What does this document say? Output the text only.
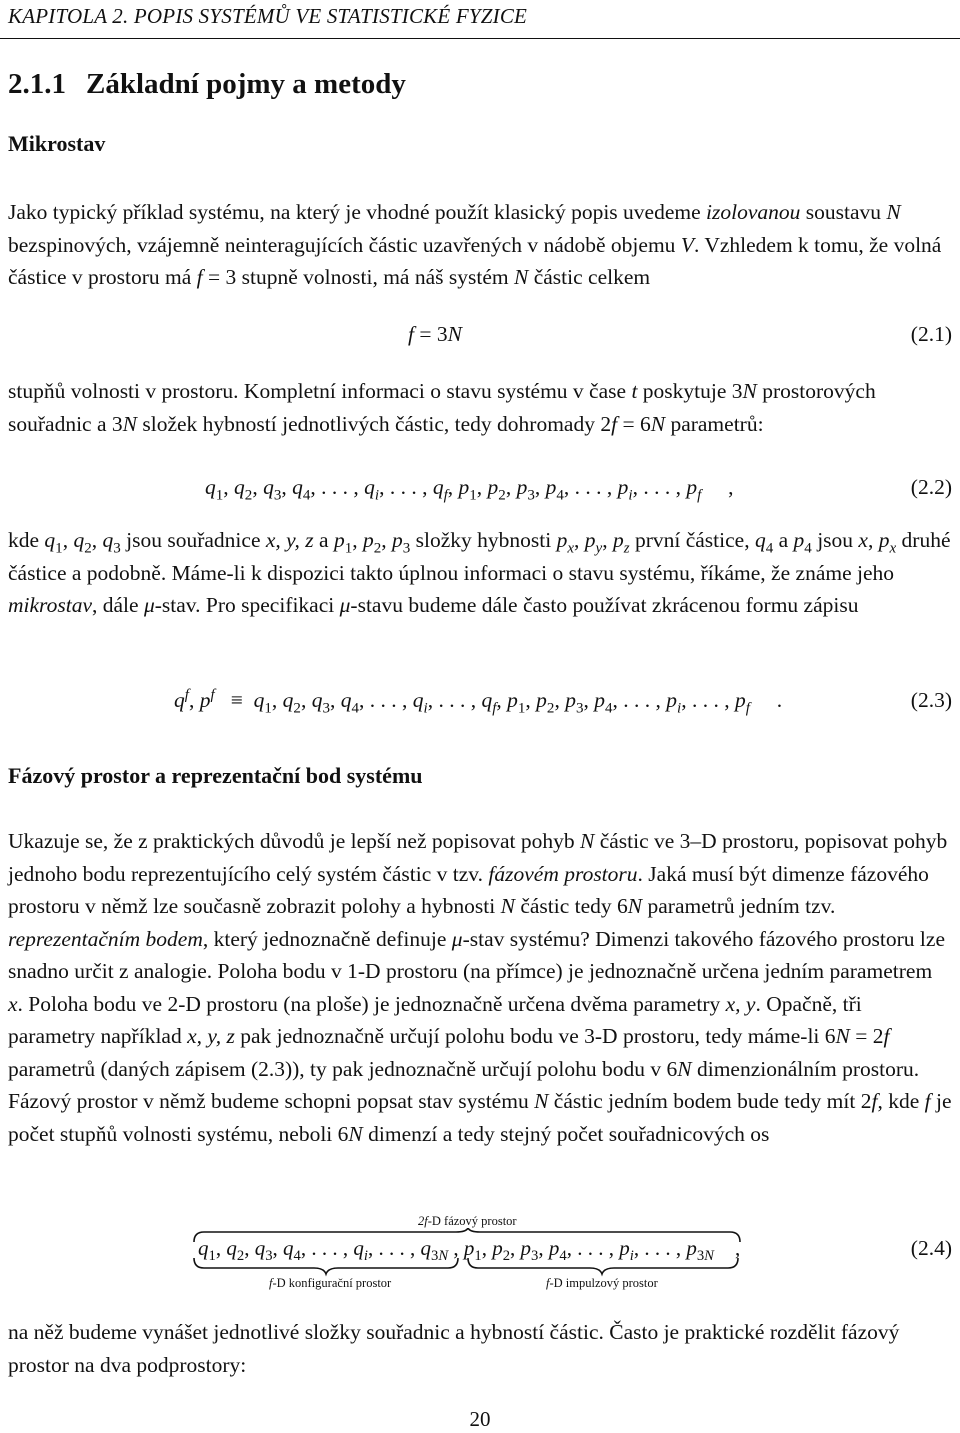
KAPITOLA 2. POPIS SYSTÉMŮ VE STATISTICKÉ FYZICE
2.1.1 Základní pojmy a metody
Mikrostav

Jako typický příklad systému, na který je vhodné použít klasický popis uvedeme izolovanou soustavu N bezspinových, vzájemně neinteragujících částic uzavřených v nádobě objemu V. Vzhledem k tomu, že volná částice v prostoru má f = 3 stupně volnosti, má náš systém N částic celkem

f = 3N	(2.1)

stupňů volnosti v prostoru. Kompletní informaci o stavu systému v čase t poskytuje 3N prostorových souřadnic a 3N složek hybností jednotlivých částic, tedy dohromady 2f = 6N parametrů:

$q_1$, $q_2$, $q_3$, $q_4$, . . . , $q_i$, . . . , $q_f$, $p_1$, $p_2$, $p_3$, $p_4$, . . . , $p_i$, . . . , $p_f$     ,	(2.2)

kde $q_1$, $q_2$, $q_3$ jsou souřadnice x, y, z a $p_1$, $p_2$, $p_3$ složky hybnosti $p_x$, $p_y$, $p_z$ první částice, $q_4$ a $p_4$ jsou x, $p_x$ druhé částice a podobně. Máme-li k dispozici takto úplnou informaci o stavu systému, říkáme, že známe jeho mikrostav, dále μ-stav. Pro specifikaci μ-stavu budeme dále často používat zkrácenou formu zápisu

$q^f$, $p^f \equiv q_1$, $q_2$, $q_3$, $q_4$, . . . , $q_i$, . . . , $q_f$, $p_1$, $p_2$, $p_3$, $p_4$, . . . , $p_i$, . . . , $p_f$     .	(2.3)
Fázový prostor a reprezentační bod systému

Ukazuje se, že z praktických důvodů je lepší než popisovat pohyb N částic ve 3–D prostoru, popisovat pohyb jednoho bodu reprezentujícího celý systém částic v tzv. fázovém prostoru. Jaká musí být dimenze fázového prostoru v němž lze současně zobrazit polohy a hybnosti N částic tedy 6N parametrů jedním tzv. reprezentačním bodem, který jednoznačně definuje μ-stav systému? Dimenzi takového fázového prostoru lze snadno určit z analogie. Poloha bodu v 1-D prostoru (na přímce) je jednoznačně určena jedním parametrem x. Poloha bodu ve 2-D prostoru (na ploše) je jednoznačně určena dvěma parametry x, y. Opačně, tři parametry například x, y, z pak jednoznačně určují polohu bodu ve 3-D prostoru, tedy máme-li 6N = 2f parametrů (daných zápisem (2.3)), ty pak jednoznačně určují polohu bodu v 6N dimenzionálním prostoru. Fázový prostor v němž budeme schopni popsat stav systému N částic jedním bodem bude tedy mít 2f, kde f je počet stupňů volnosti systému, neboli 6N dimenzí a tedy stejný počet souřadnicových os

2f-D fázový prostor
$q_1$, $q_2$, $q_3$, $q_4$, . . . , $q_i$, . . . , $q_{3N}$ , $p_1$, $p_2$, $p_3$, $p_4$, . . . , $p_i$, . . . , $p_{3N}$    ,	(2.4)
f-D konfigurační prostor	f-D impulzový prostor

na něž budeme vynášet jednotlivé složky souřadnic a hybností částic. Často je praktické rozdělit fázový prostor na dva podprostory:

20
